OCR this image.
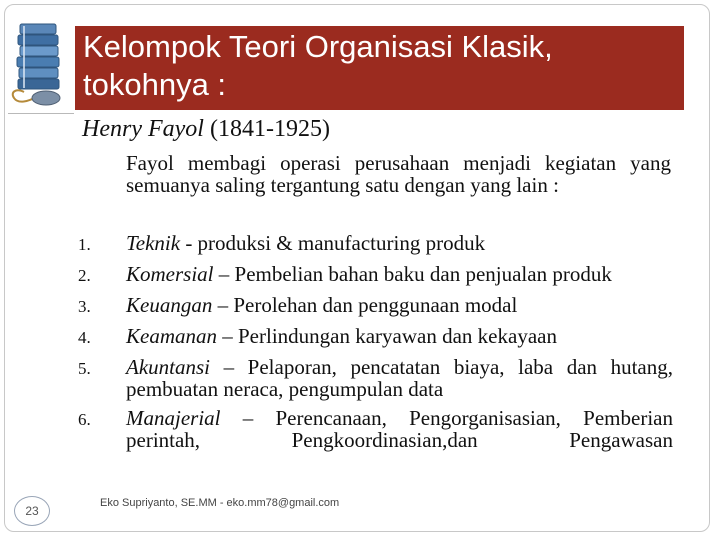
Kelompok Teori Organisasi Klasik,
tokohnya :

Henry Fayol (1841-1925)

Fayol membagi operasi perusahaan menjadi kegiatan yang semuanya saling tergantung satu dengan yang lain :
1.	Teknik - produksi & manufacturing produk
2.	Komersial – Pembelian bahan baku dan penjualan produk
3.	Keuangan – Perolehan dan penggunaan modal
4.	Keamanan – Perlindungan karyawan dan kekayaan
5.	Akuntansi – Pelaporan, pencatatan biaya, laba dan hutang, pembuatan neraca, pengumpulan data
6.	Manajerial – Perencanaan, Pengorganisasian, Pemberian perintah, Pengkoordinasian,dan Pengawasan
23
Eko Supriyanto, SE.MM - eko.mm78@gmail.com
